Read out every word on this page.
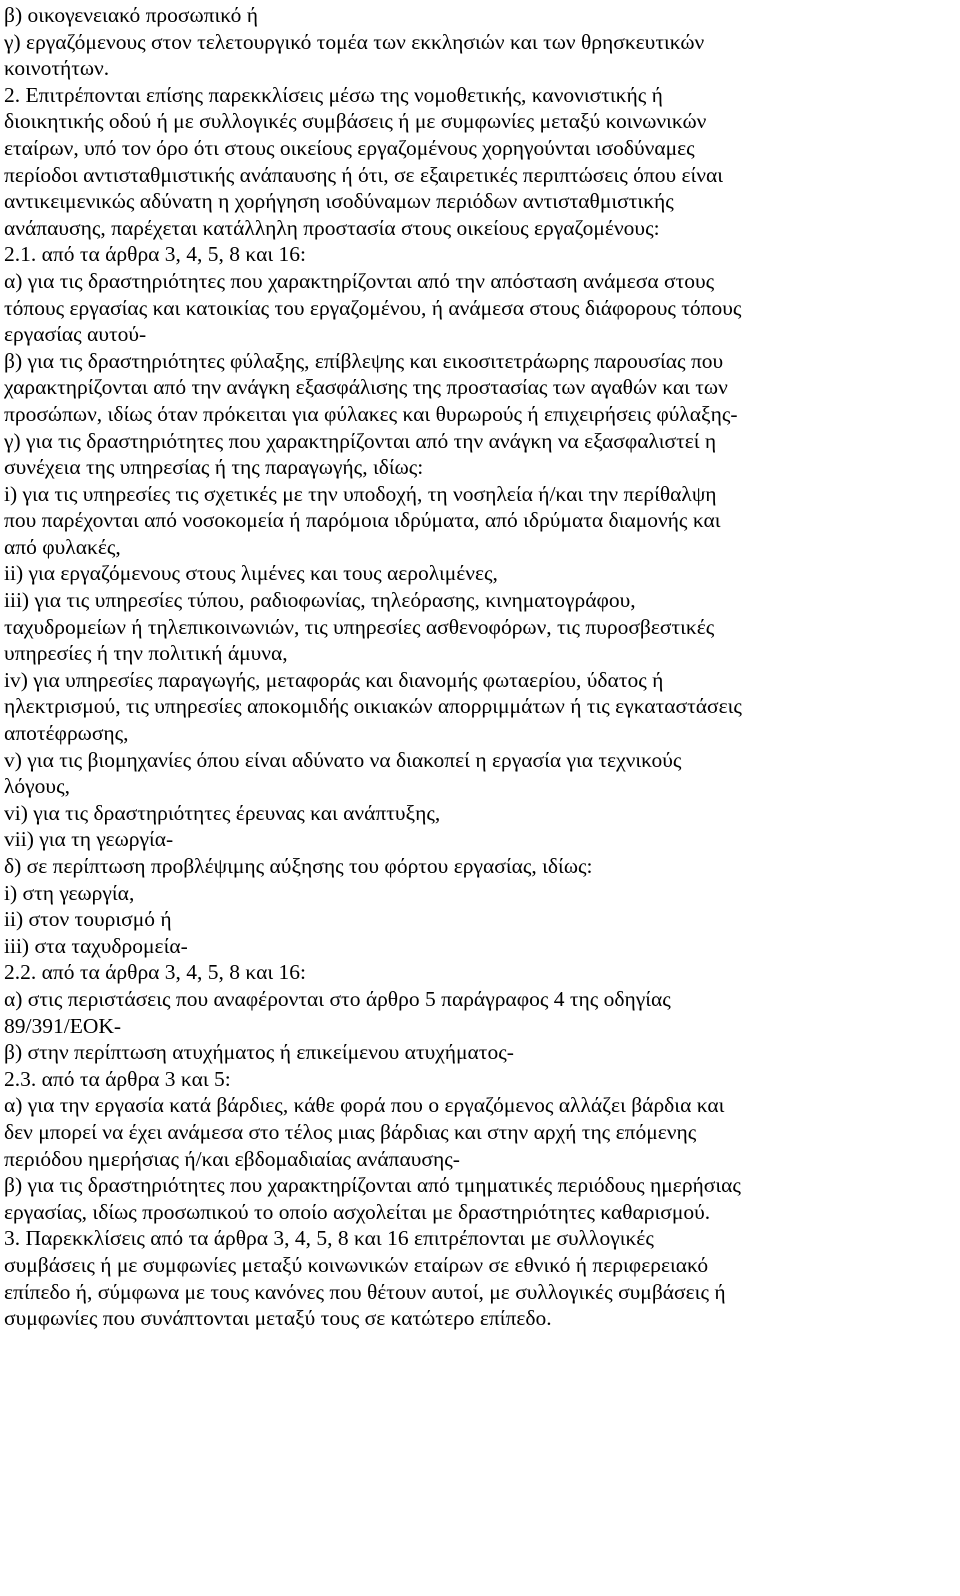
β) οικογενειακό προσωπικό ή
γ) εργαζόμενους στον τελετουργικό τομέα των εκκλησιών και των θρησκευτικών
κοινοτήτων.
2. Επιτρέπονται επίσης παρεκκλίσεις μέσω της νομοθετικής, κανονιστικής ή
διοικητικής οδού ή με συλλογικές συμβάσεις ή με συμφωνίες μεταξύ κοινωνικών
εταίρων, υπό τον όρο ότι στους οικείους εργαζομένους χορηγούνται ισοδύναμες
περίοδοι αντισταθμιστικής ανάπαυσης ή ότι, σε εξαιρετικές περιπτώσεις όπου είναι
αντικειμενικώς αδύνατη η χορήγηση ισοδύναμων περιόδων αντισταθμιστικής
ανάπαυσης, παρέχεται κατάλληλη προστασία στους οικείους εργαζομένους:
2.1. από τα άρθρα 3, 4, 5, 8 και 16:
α) για τις δραστηριότητες που χαρακτηρίζονται από την απόσταση ανάμεσα στους
τόπους εργασίας και κατοικίας του εργαζομένου, ή ανάμεσα στους διάφορους τόπους
εργασίας αυτού-
β) για τις δραστηριότητες φύλαξης, επίβλεψης και εικοσιτετράωρης παρουσίας που
χαρακτηρίζονται από την ανάγκη εξασφάλισης της προστασίας των αγαθών και των
προσώπων, ιδίως όταν πρόκειται για φύλακες και θυρωρούς ή επιχειρήσεις φύλαξης-
γ) για τις δραστηριότητες που χαρακτηρίζονται από την ανάγκη να εξασφαλιστεί η
συνέχεια της υπηρεσίας ή της παραγωγής, ιδίως:
i) για τις υπηρεσίες τις σχετικές με την υποδοχή, τη νοσηλεία ή/και την περίθαλψη
που παρέχονται από νοσοκομεία ή παρόμοια ιδρύματα, από ιδρύματα διαμονής και
από φυλακές,
ii) για εργαζόμενους στους λιμένες και τους αερολιμένες,
iii) για τις υπηρεσίες τύπου, ραδιοφωνίας, τηλεόρασης, κινηματογράφου,
ταχυδρομείων ή τηλεπικοινωνιών, τις υπηρεσίες ασθενοφόρων, τις πυροσβεστικές
υπηρεσίες ή την πολιτική άμυνα,
iv) για υπηρεσίες παραγωγής, μεταφοράς και διανομής φωταερίου, ύδατος ή
ηλεκτρισμού, τις υπηρεσίες αποκομιδής οικιακών απορριμμάτων ή τις εγκαταστάσεις
αποτέφρωσης,
v) για τις βιομηχανίες όπου είναι αδύνατο να διακοπεί η εργασία για τεχνικούς
λόγους,
vi) για τις δραστηριότητες έρευνας και ανάπτυξης,
vii) για τη γεωργία-
δ) σε περίπτωση προβλέψιμης αύξησης του φόρτου εργασίας, ιδίως:
i) στη γεωργία,
ii) στον τουρισμό ή
iii) στα ταχυδρομεία-
2.2. από τα άρθρα 3, 4, 5, 8 και 16:
α) στις περιστάσεις που αναφέρονται στο άρθρο 5 παράγραφος 4 της οδηγίας
89/391/ΕΟΚ-
β) στην περίπτωση ατυχήματος ή επικείμενου ατυχήματος-
2.3. από τα άρθρα 3 και 5:
α) για την εργασία κατά βάρδιες, κάθε φορά που ο εργαζόμενος αλλάζει βάρδια και
δεν μπορεί να έχει ανάμεσα στο τέλος μιας βάρδιας και στην αρχή της επόμενης
περιόδου ημερήσιας ή/και εβδομαδιαίας ανάπαυσης-
β) για τις δραστηριότητες που χαρακτηρίζονται από τμηματικές περιόδους ημερήσιας
εργασίας, ιδίως προσωπικού το οποίο ασχολείται με δραστηριότητες καθαρισμού.
3. Παρεκκλίσεις από τα άρθρα 3, 4, 5, 8 και 16 επιτρέπονται με συλλογικές
συμβάσεις ή με συμφωνίες μεταξύ κοινωνικών εταίρων σε εθνικό ή περιφερειακό
επίπεδο ή, σύμφωνα με τους κανόνες που θέτουν αυτοί, με συλλογικές συμβάσεις ή
συμφωνίες που συνάπτονται μεταξύ τους σε κατώτερο επίπεδο.
